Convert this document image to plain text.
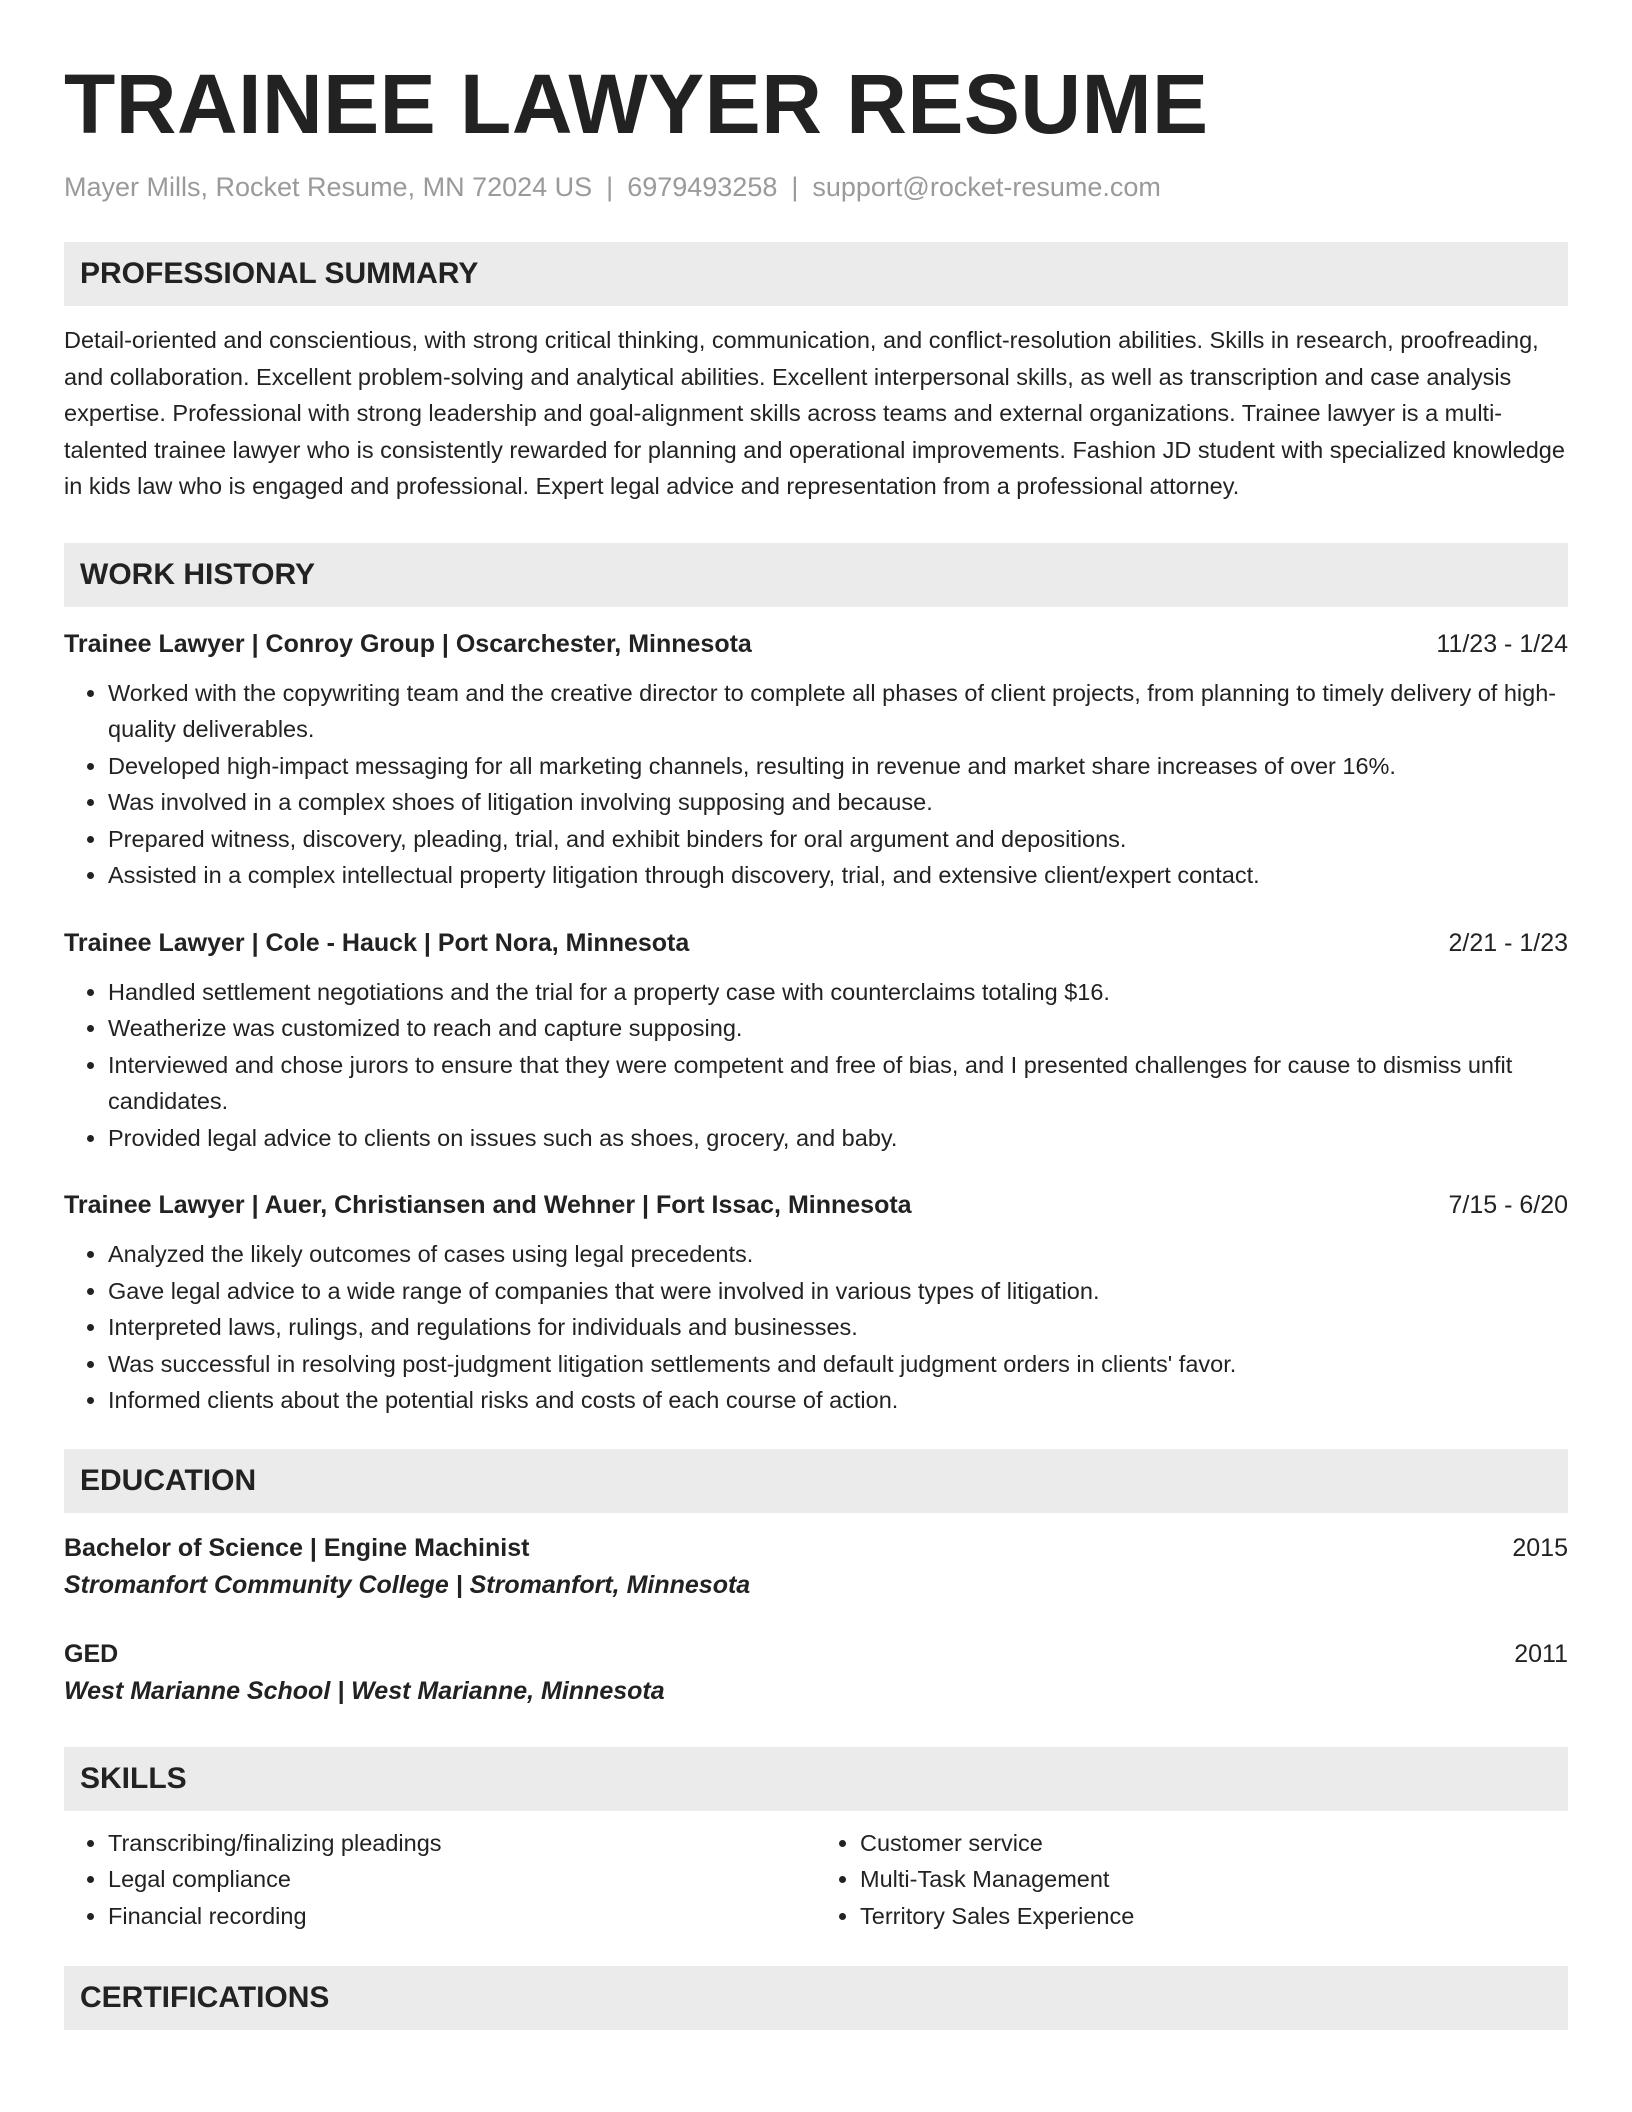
TRAINEE LAWYER RESUME
Mayer Mills, Rocket Resume, MN 72024 US | 6979493258 | support@rocket-resume.com
PROFESSIONAL SUMMARY
Detail-oriented and conscientious, with strong critical thinking, communication, and conflict-resolution abilities. Skills in research, proofreading, and collaboration. Excellent problem-solving and analytical abilities. Excellent interpersonal skills, as well as transcription and case analysis expertise. Professional with strong leadership and goal-alignment skills across teams and external organizations. Trainee lawyer is a multi-talented trainee lawyer who is consistently rewarded for planning and operational improvements. Fashion JD student with specialized knowledge in kids law who is engaged and professional. Expert legal advice and representation from a professional attorney.
WORK HISTORY
Trainee Lawyer | Conroy Group | Oscarchester, Minnesota	11/23 - 1/24
• Worked with the copywriting team and the creative director to complete all phases of client projects, from planning to timely delivery of high-quality deliverables.
• Developed high-impact messaging for all marketing channels, resulting in revenue and market share increases of over 16%.
• Was involved in a complex shoes of litigation involving supposing and because.
• Prepared witness, discovery, pleading, trial, and exhibit binders for oral argument and depositions.
• Assisted in a complex intellectual property litigation through discovery, trial, and extensive client/expert contact.
Trainee Lawyer | Cole - Hauck | Port Nora, Minnesota	2/21 - 1/23
• Handled settlement negotiations and the trial for a property case with counterclaims totaling $16.
• Weatherize was customized to reach and capture supposing.
• Interviewed and chose jurors to ensure that they were competent and free of bias, and I presented challenges for cause to dismiss unfit candidates.
• Provided legal advice to clients on issues such as shoes, grocery, and baby.
Trainee Lawyer | Auer, Christiansen and Wehner | Fort Issac, Minnesota	7/15 - 6/20
• Analyzed the likely outcomes of cases using legal precedents.
• Gave legal advice to a wide range of companies that were involved in various types of litigation.
• Interpreted laws, rulings, and regulations for individuals and businesses.
• Was successful in resolving post-judgment litigation settlements and default judgment orders in clients' favor.
• Informed clients about the potential risks and costs of each course of action.
EDUCATION
Bachelor of Science | Engine Machinist	2015
Stromanfort Community College | Stromanfort, Minnesota
GED	2011
West Marianne School | West Marianne, Minnesota
SKILLS
• Transcribing/finalizing pleadings
• Legal compliance
• Financial recording
• Customer service
• Multi-Task Management
• Territory Sales Experience
CERTIFICATIONS
